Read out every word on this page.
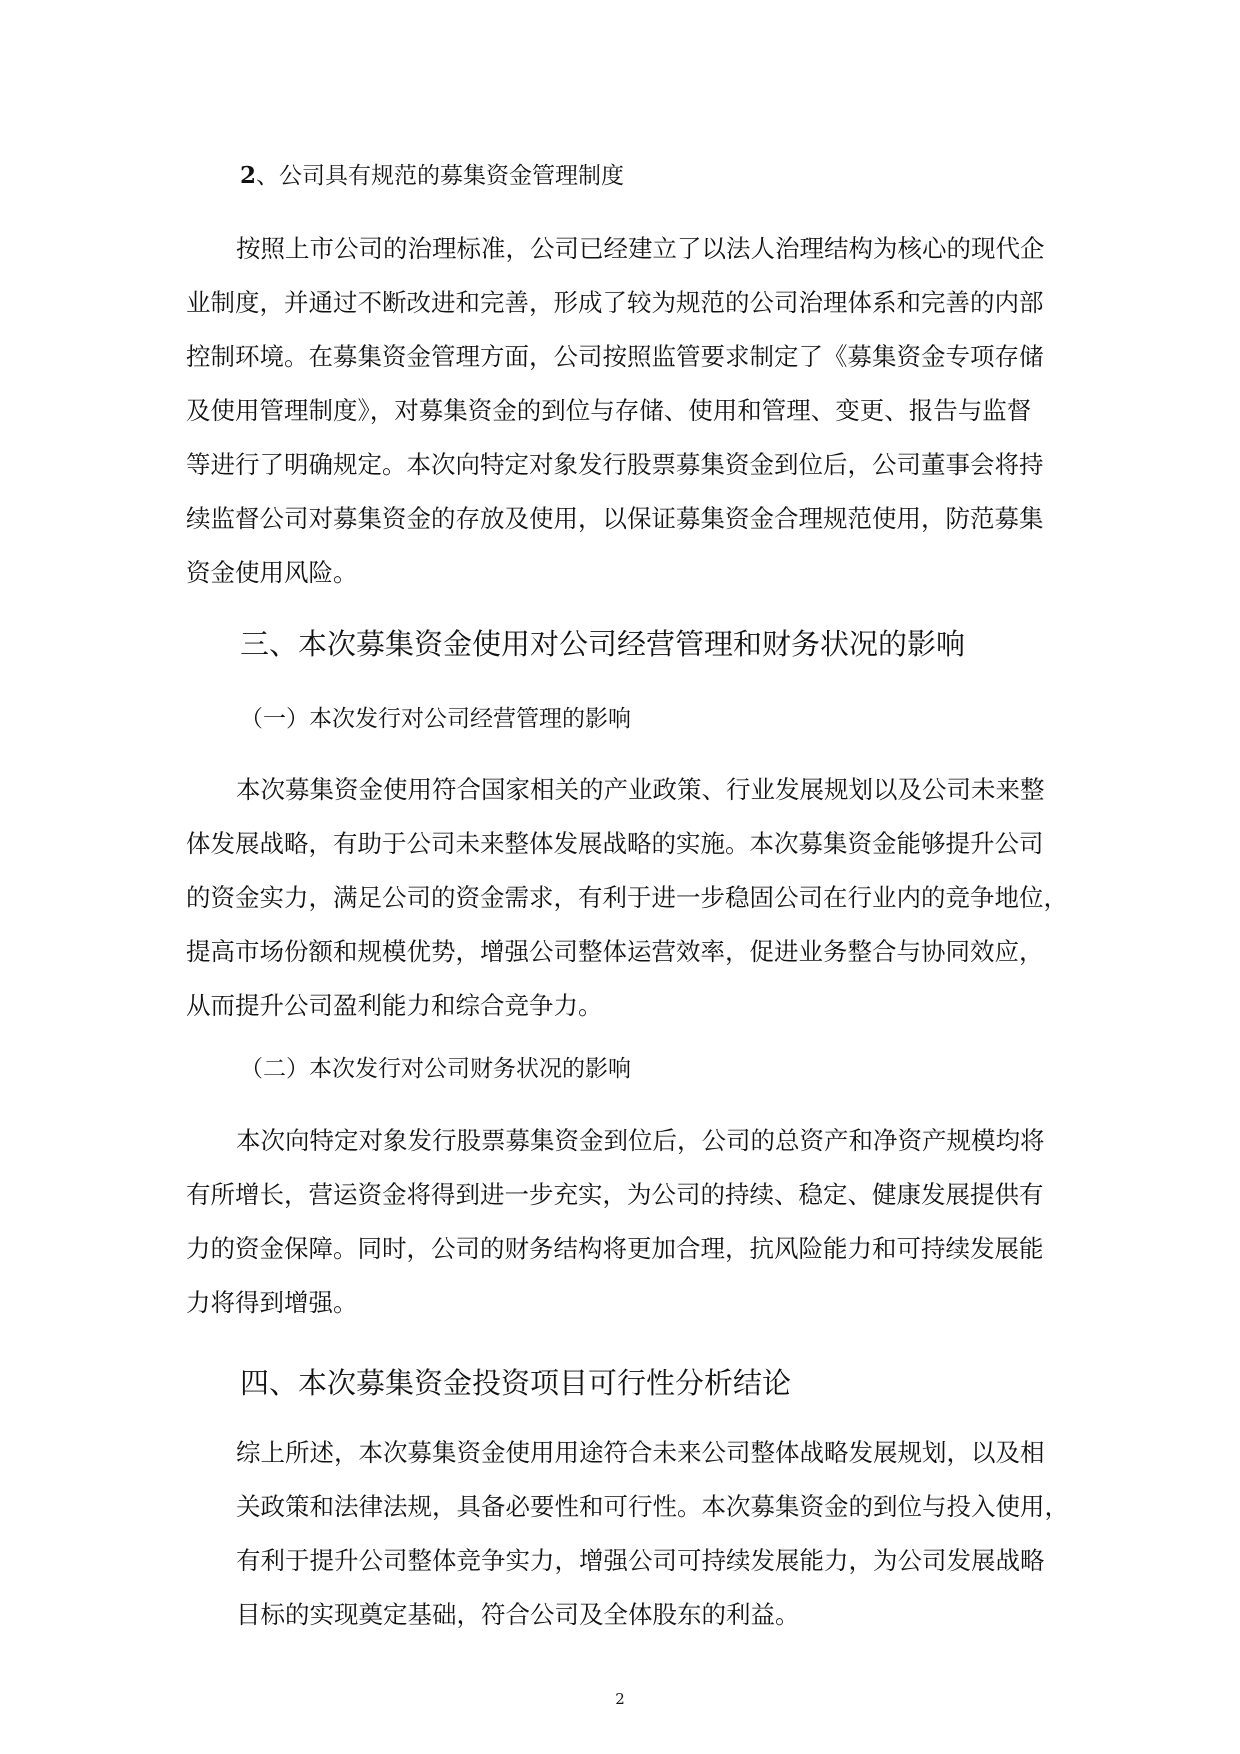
2、公司具有规范的募集资金管理制度
按照上市公司的治理标准，公司已经建立了以法人治理结构为核心的现代企
业制度，并通过不断改进和完善，形成了较为规范的公司治理体系和完善的内部
控制环境。在募集资金管理方面，公司按照监管要求制定了《募集资金专项存储
及使用管理制度》，对募集资金的到位与存储、使用和管理、变更、报告与监督
等进行了明确规定。本次向特定对象发行股票募集资金到位后，公司董事会将持
续监督公司对募集资金的存放及使用，以保证募集资金合理规范使用，防范募集
资金使用风险。
三、本次募集资金使用对公司经营管理和财务状况的影响
（一）本次发行对公司经营管理的影响
本次募集资金使用符合国家相关的产业政策、行业发展规划以及公司未来整
体发展战略，有助于公司未来整体发展战略的实施。本次募集资金能够提升公司
的资金实力，满足公司的资金需求，有利于进一步稳固公司在行业内的竞争地位，
提高市场份额和规模优势，增强公司整体运营效率，促进业务整合与协同效应，
从而提升公司盈利能力和综合竞争力。
（二）本次发行对公司财务状况的影响
本次向特定对象发行股票募集资金到位后，公司的总资产和净资产规模均将
有所增长，营运资金将得到进一步充实，为公司的持续、稳定、健康发展提供有
力的资金保障。同时，公司的财务结构将更加合理，抗风险能力和可持续发展能
力将得到增强。
四、本次募集资金投资项目可行性分析结论
综上所述，本次募集资金使用用途符合未来公司整体战略发展规划，以及相
关政策和法律法规，具备必要性和可行性。本次募集资金的到位与投入使用，
有利于提升公司整体竞争实力，增强公司可持续发展能力，为公司发展战略
目标的实现奠定基础，符合公司及全体股东的利益。
2
